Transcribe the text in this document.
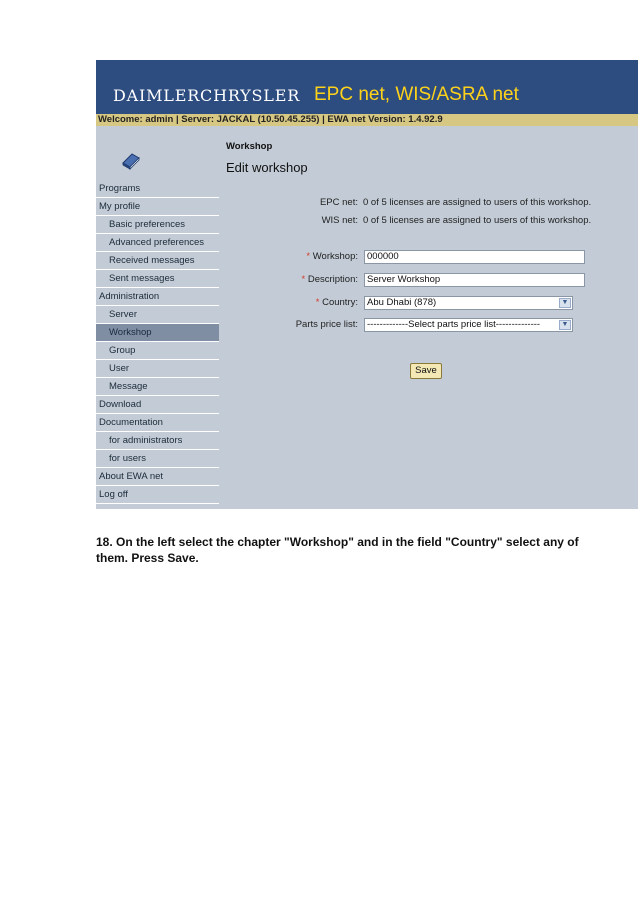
DAIMLERCHRYSLER EPC net, WIS/ASRA net
Welcome: admin | Server: JACKAL (10.50.45.255) | EWA net Version: 1.4.92.9
Programs
My profile
Basic preferences
Advanced preferences
Received messages
Sent messages
Administration
Server
Workshop
Group
User
Message
Download
Documentation
for administrators
for users
About EWA net
Log off
Workshop
Edit workshop
EPC net: 0 of 5 licenses are assigned to users of this workshop.
WIS net: 0 of 5 licenses are assigned to users of this workshop.
* Workshop: 000000
* Description: Server Workshop
* Country: Abu Dhabi (878)	▼
Parts price list: -------------Select parts price list--------------	▼
Save
18. On the left select the chapter "Workshop" and in the field "Country" select any of them. Press Save.
